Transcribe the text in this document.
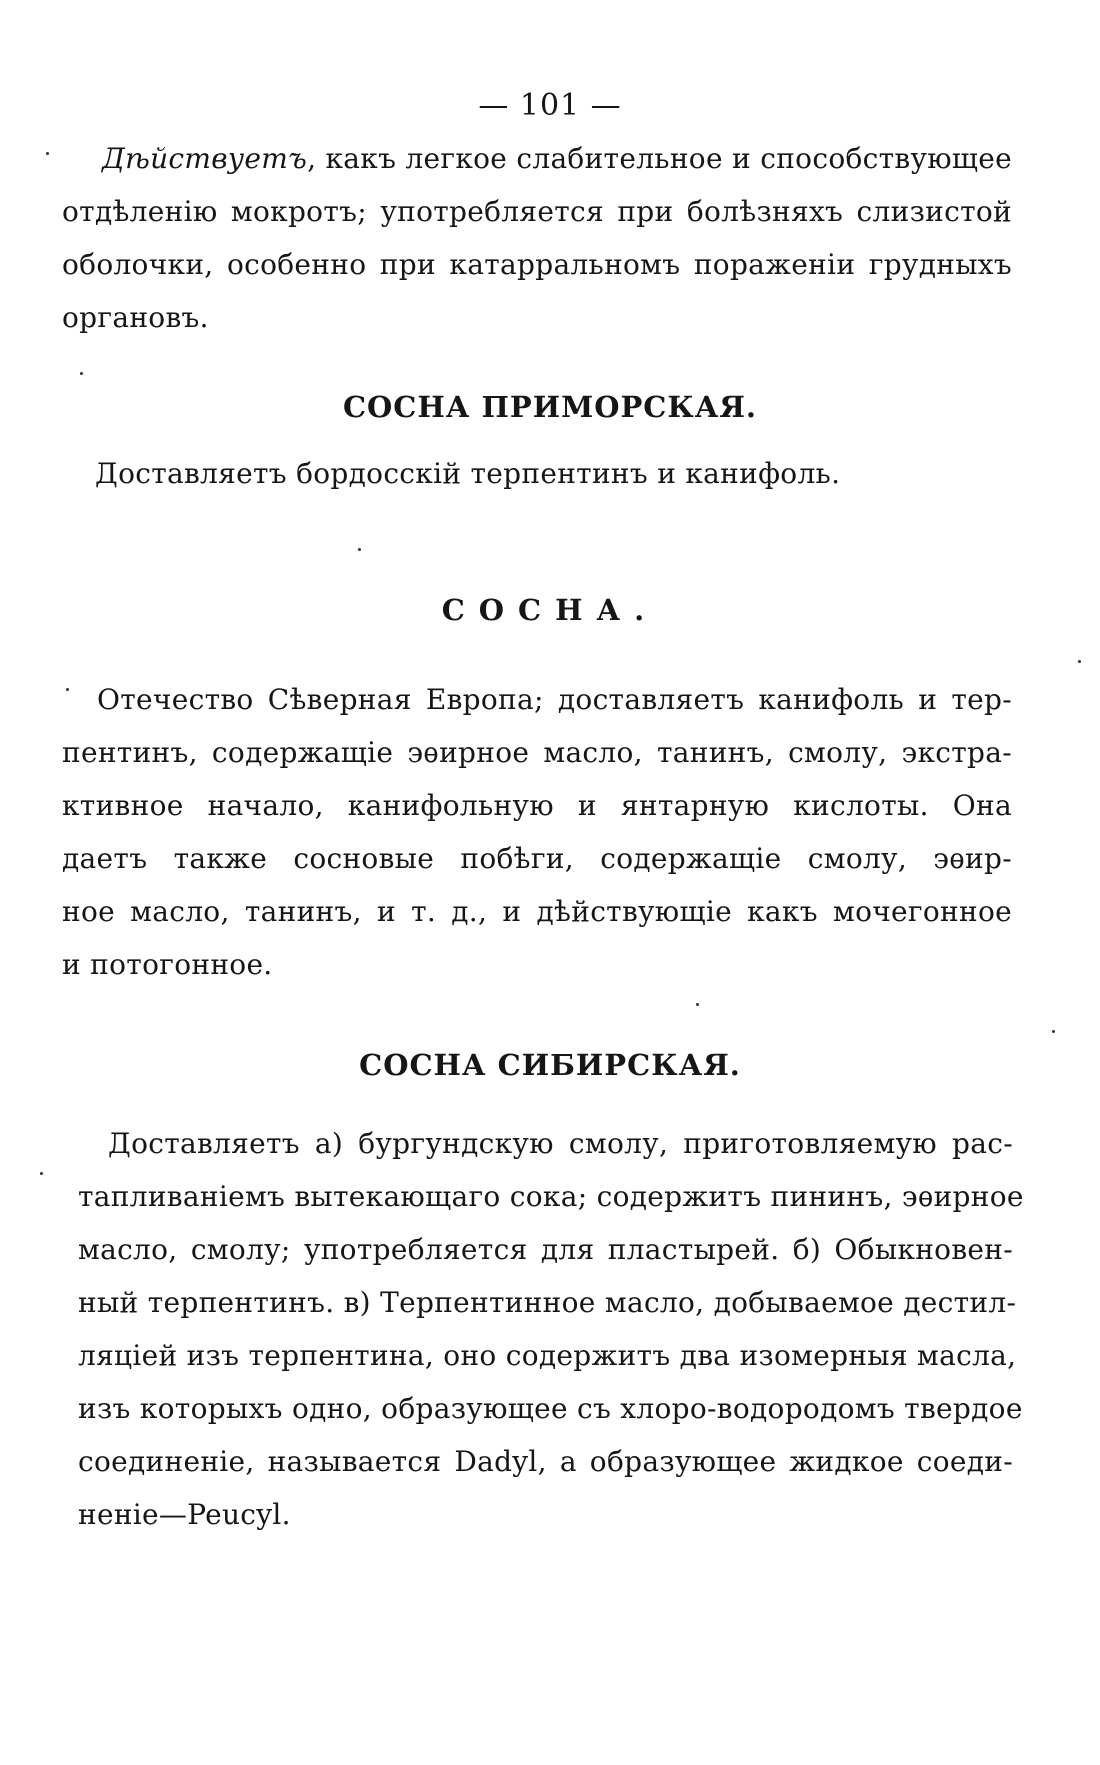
— 101 —
Дѣйствуетъ, какъ легкое слабительное и способствующее
отдѣленію мокротъ; употребляется при болѣзняхъ слизистой
оболочки, особенно при катарральномъ пораженіи грудныхъ
органовъ.
СОСНА ПРИМОРСКАЯ.
Доставляетъ бордосскій терпентинъ и канифоль.
СОСНА.
Отечество Сѣверная Европа; доставляетъ канифоль и тер-
пентинъ, содержащіе эѳирное масло, танинъ, смолу, экстра-
ктивное начало, канифольную и янтарную кислоты. Она
даетъ также сосновые побѣги, содержащіе смолу, эѳир-
ное масло, танинъ, и т. д., и дѣйствующіе какъ мочегонное
и потогонное.
СОСНА СИБИРСКАЯ.
Доставляетъ а) бургундскую смолу, приготовляемую рас-
тапливаніемъ вытекающаго сока; содержитъ пининъ, эѳирное
масло, смолу; употребляется для пластырей. б) Обыкновен-
ный терпентинъ. в) Терпентинное масло, добываемое дестил-
ляціей изъ терпентина, оно содержитъ два изомерныя масла,
изъ которыхъ одно, образующее съ хлоро-водородомъ твердое
соединеніе, называется Dadyl, а образующее жидкое соеди-
неніе—Peucyl.
